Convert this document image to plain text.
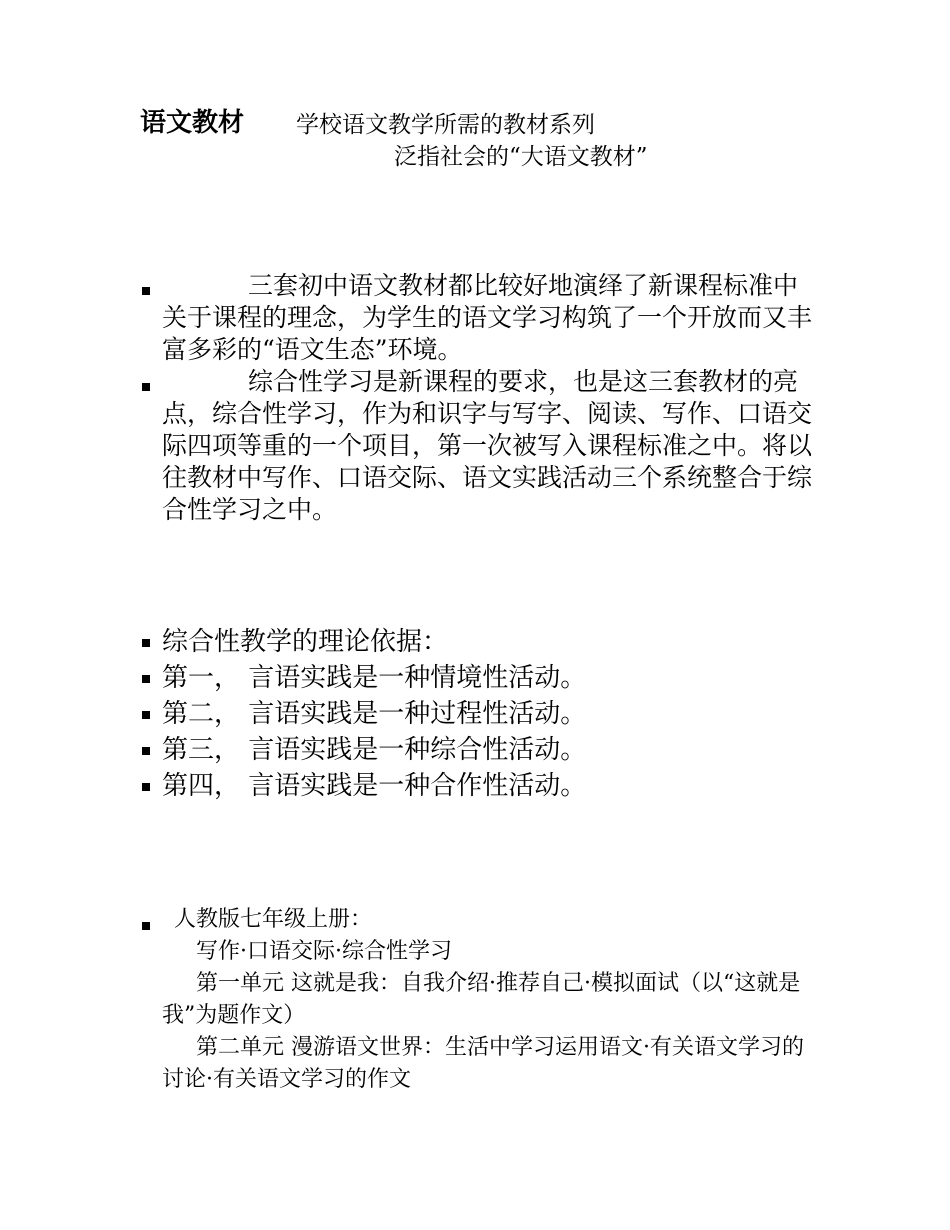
语文教材 学校语文教学所需的教材系列
泛指社会的“大语文教材”
三套初中语文教材都比较好地演绎了新课程标准中关于课程的理念，为学生的语文学习构筑了一个开放而又丰富多彩的“语文生态”环境。
综合性学习是新课程的要求，也是这三套教材的亮点，综合性学习，作为和识字与写字、阅读、写作、口语交际四项等重的一个项目，第一次被写入课程标准之中。将以往教材中写作、口语交际、语文实践活动三个系统整合于综合性学习之中。
综合性教学的理论依据：
第一， 言语实践是一种情境性活动。
第二， 言语实践是一种过程性活动。
第三， 言语实践是一种综合性活动。
第四， 言语实践是一种合作性活动。
人教版七年级上册：
写作·口语交际·综合性学习
第一单元 这就是我：自我介绍·推荐自己·模拟面试（以“这就是我”为题作文）
第二单元 漫游语文世界：生活中学习运用语文·有关语文学习的讨论·有关语文学习的作文
